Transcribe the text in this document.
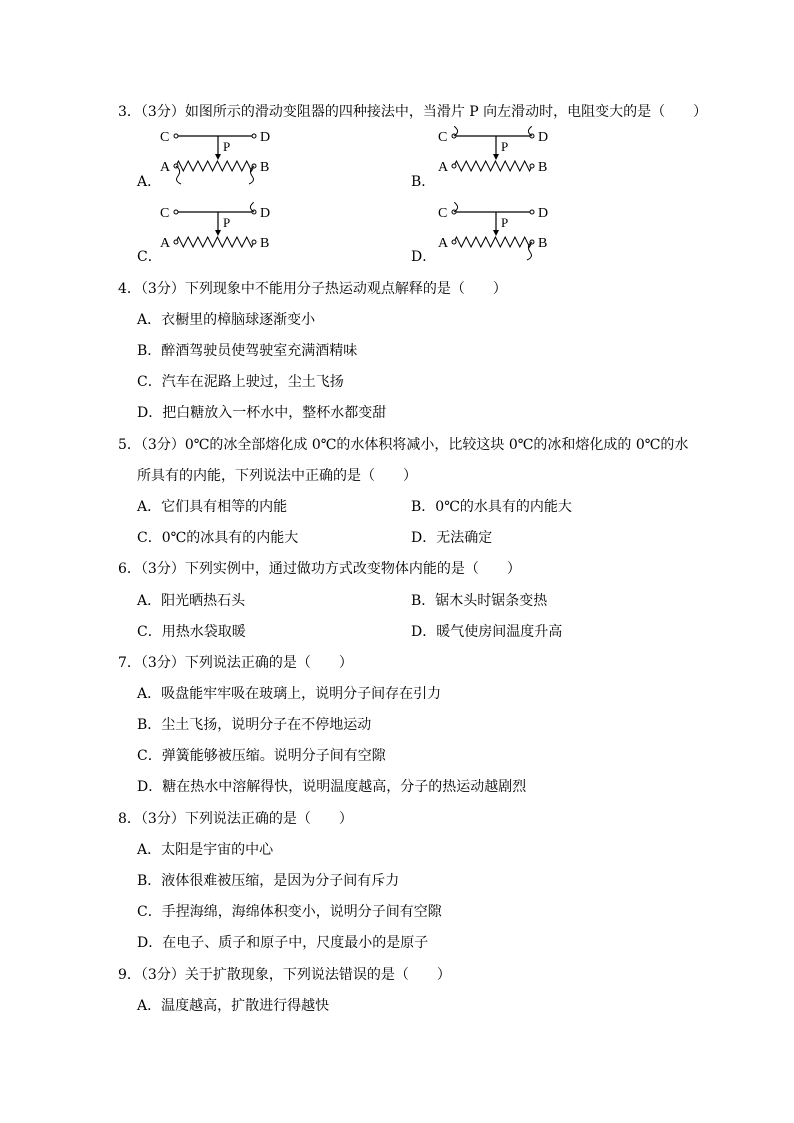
3．（3分）如图所示的滑动变阻器的四种接法中，当滑片 P 向左滑动时，电阻变大的是（　　）
A．	B．
C．	D．
C	D
A	B
P
C	D
A	B
P
C	D
A	B
P
C	D
A	B
P
4．（3分）下列现象中不能用分子热运动观点解释的是（　　）
A．衣橱里的樟脑球逐渐变小
B．醉酒驾驶员使驾驶室充满酒精味
C．汽车在泥路上驶过，尘土飞扬
D．把白糖放入一杯水中，整杯水都变甜
5．（3分）0℃的冰全部熔化成 0℃的水体积将减小，比较这块 0℃的冰和熔化成的 0℃的水
所具有的内能，下列说法中正确的是（　　）
A．它们具有相等的内能	B．0℃的水具有的内能大
C．0℃的冰具有的内能大	D．无法确定
6．（3分）下列实例中，通过做功方式改变物体内能的是（　　）
A．阳光晒热石头	B．锯木头时锯条变热
C．用热水袋取暖	D．暖气使房间温度升高
7．（3分）下列说法正确的是（　　）
A．吸盘能牢牢吸在玻璃上，说明分子间存在引力
B．尘土飞扬，说明分子在不停地运动
C．弹簧能够被压缩。说明分子间有空隙
D．糖在热水中溶解得快，说明温度越高，分子的热运动越剧烈
8．（3分）下列说法正确的是（　　）
A．太阳是宇宙的中心
B．液体很难被压缩，是因为分子间有斥力
C．手捏海绵，海绵体积变小，说明分子间有空隙
D．在电子、质子和原子中，尺度最小的是原子
9．（3分）关于扩散现象，下列说法错误的是（　　）
A．温度越高，扩散进行得越快
